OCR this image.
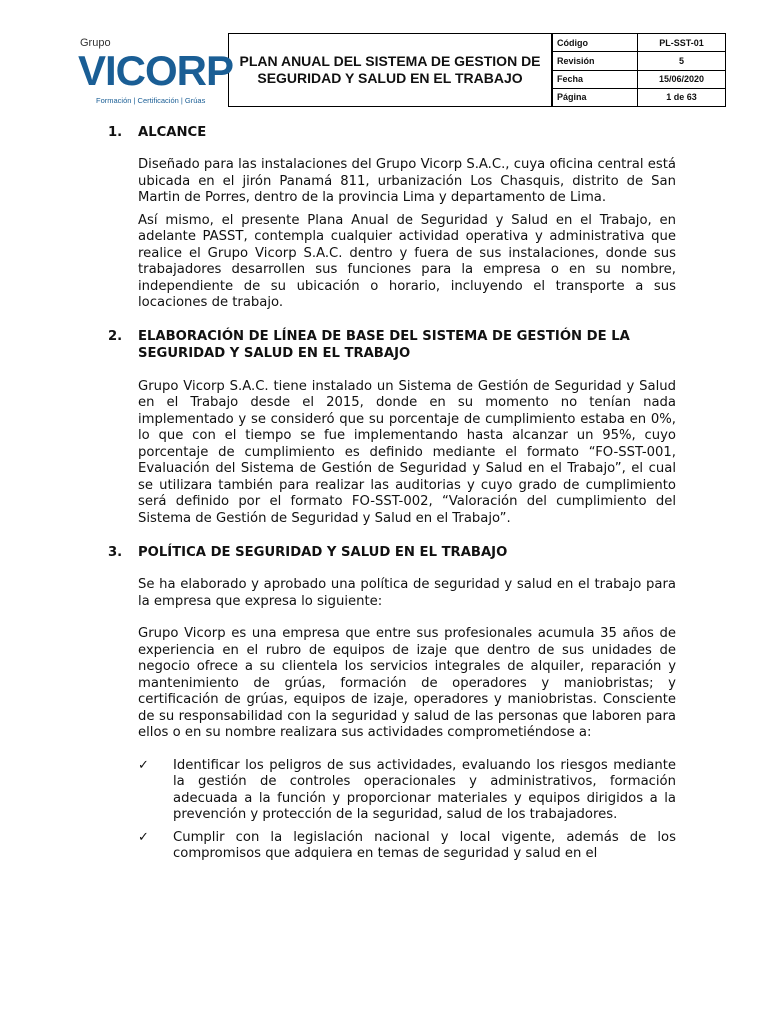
Grupo
VICORP
Formación | Certificación | Grúas
PLAN ANUAL DEL SISTEMA DE GESTION DE SEGURIDAD Y SALUD EN EL TRABAJO
Código	PL-SST-01
Revisión	5
Fecha	15/06/2020
Página	1 de 63
1.	ALCANCE

Diseñado para las instalaciones del Grupo Vicorp S.A.C., cuya oficina central está ubicada en el jirón Panamá 811, urbanización Los Chasquis, distrito de San Martin de Porres, dentro de la provincia Lima y departamento de Lima.

Así mismo, el presente Plana Anual de Seguridad y Salud en el Trabajo, en adelante PASST, contempla cualquier actividad operativa y administrativa que realice el Grupo Vicorp S.A.C. dentro y fuera de sus instalaciones, donde sus trabajadores desarrollen sus funciones para la empresa o en su nombre, independiente de su ubicación o horario, incluyendo el transporte a sus locaciones de trabajo.

2.	ELABORACIÓN DE LÍNEA DE BASE DEL SISTEMA DE GESTIÓN DE LA SEGURIDAD Y SALUD EN EL TRABAJO

Grupo Vicorp S.A.C. tiene instalado un Sistema de Gestión de Seguridad y Salud en el Trabajo desde el 2015, donde en su momento no tenían nada implementado y se consideró que su porcentaje de cumplimiento estaba en 0%, lo que con el tiempo se fue implementando hasta alcanzar un 95%, cuyo porcentaje de cumplimiento es definido mediante el formato “FO-SST-001, Evaluación del Sistema de Gestión de Seguridad y Salud en el Trabajo”, el cual se utilizara también para realizar las auditorias y cuyo grado de cumplimiento será definido por el formato FO-SST-002, “Valoración del cumplimiento del Sistema de Gestión de Seguridad y Salud en el Trabajo”.

3.	POLÍTICA DE SEGURIDAD Y SALUD EN EL TRABAJO

Se ha elaborado y aprobado una política de seguridad y salud en el trabajo para la empresa que expresa lo siguiente:

Grupo Vicorp es una empresa que entre sus profesionales acumula 35 años de experiencia en el rubro de equipos de izaje que dentro de sus unidades de negocio ofrece a su clientela los servicios integrales de alquiler, reparación y mantenimiento de grúas, formación de operadores y maniobristas; y certificación de grúas, equipos de izaje, operadores y maniobristas. Consciente de su responsabilidad con la seguridad y salud de las personas que laboren para ellos o en su nombre realizara sus actividades comprometiéndose a:

✓	Identificar los peligros de sus actividades, evaluando los riesgos mediante la gestión de controles operacionales y administrativos, formación adecuada a la función y proporcionar materiales y equipos dirigidos a la prevención y protección de la seguridad, salud de los trabajadores.
✓	Cumplir con la legislación nacional y local vigente, además de los compromisos que adquiera en temas de seguridad y salud en el
